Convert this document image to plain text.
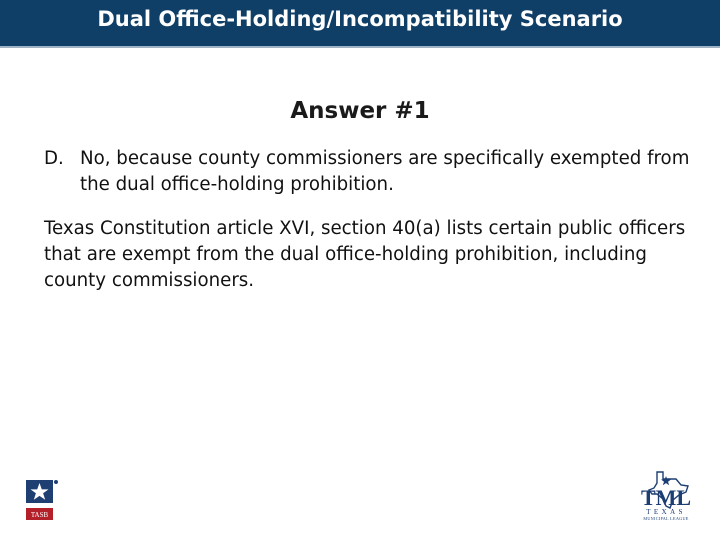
Dual Office-Holding/Incompatibility Scenario
Answer #1
D. No, because county commissioners are specifically exempted from the dual office-holding prohibition.
Texas Constitution article XVI, section 40(a) lists certain public officers that are exempt from the dual office-holding prohibition, including county commissioners.
TASB
TML
TEXAS
MUNICIPAL LEAGUE
